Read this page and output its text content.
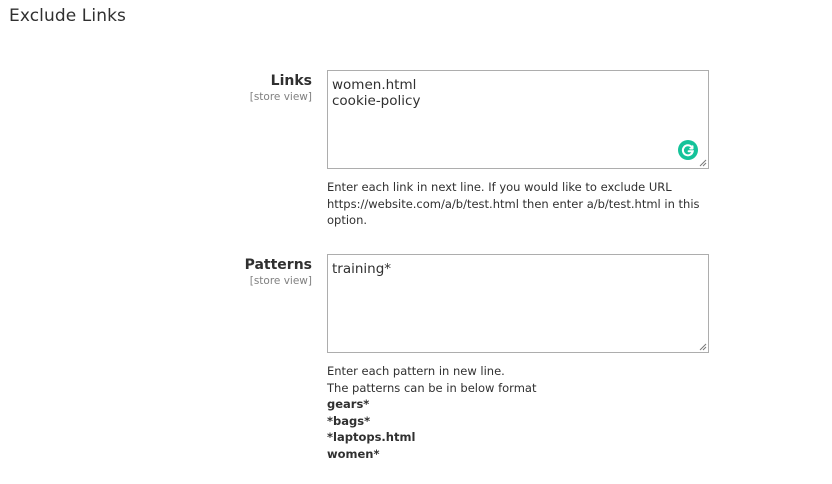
Exclude Links
Links
[store view]
women.html
cookie-policy
Enter each link in next line. If you would like to exclude URL https://website.com/a/b/test.html then enter a/b/test.html in this option.
Patterns
[store view]
training*
Enter each pattern in new line.
The patterns can be in below format
gears*
*bags*
*laptops.html
women*
